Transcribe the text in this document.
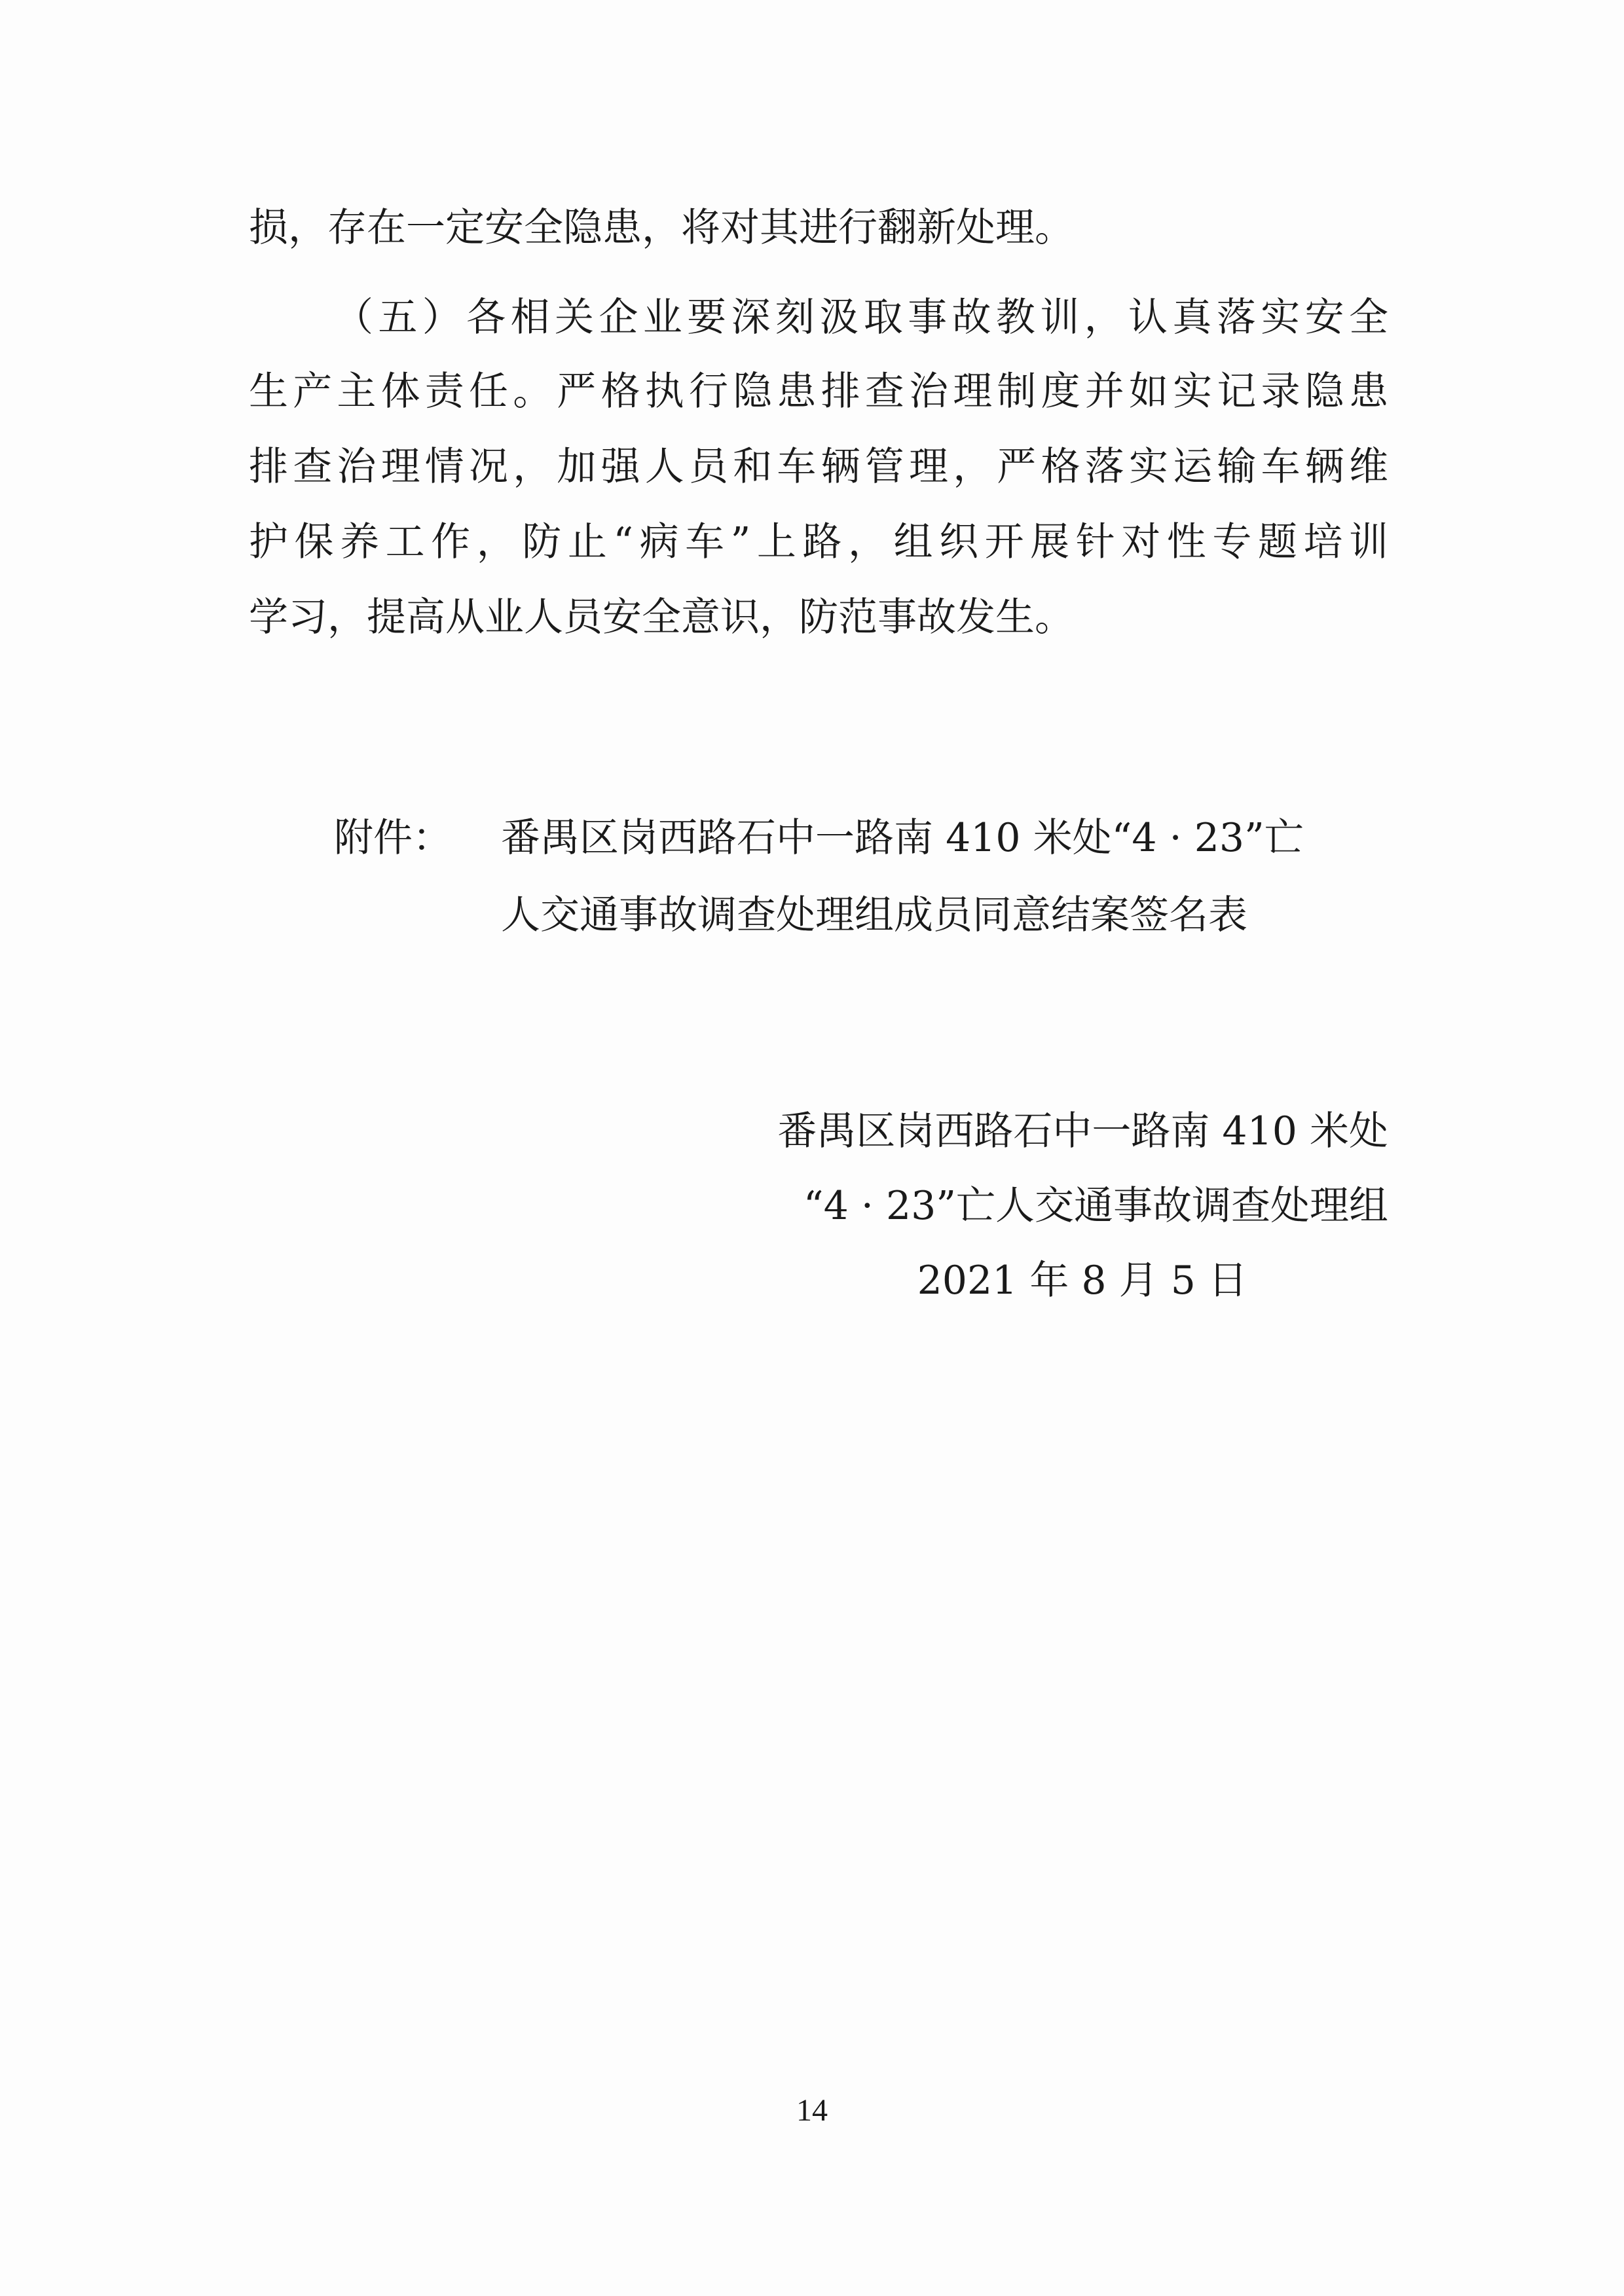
损，存在一定安全隐患，将对其进行翻新处理。
（五）各相关企业要深刻汲取事故教训，认真落实安全
生产主体责任。严格执行隐患排查治理制度并如实记录隐患
排查治理情况，加强人员和车辆管理，严格落实运输车辆维
护保养工作，防止“病车”上路，组织开展针对性专题培训
学习，提高从业人员安全意识，防范事故发生。
附件： 番禺区岗西路石中一路南 410 米处“4 · 23”亡
人交通事故调查处理组成员同意结案签名表
番禺区岗西路石中一路南 410 米处
“4 · 23”亡人交通事故调查处理组
2021 年 8 月 5 日
14
